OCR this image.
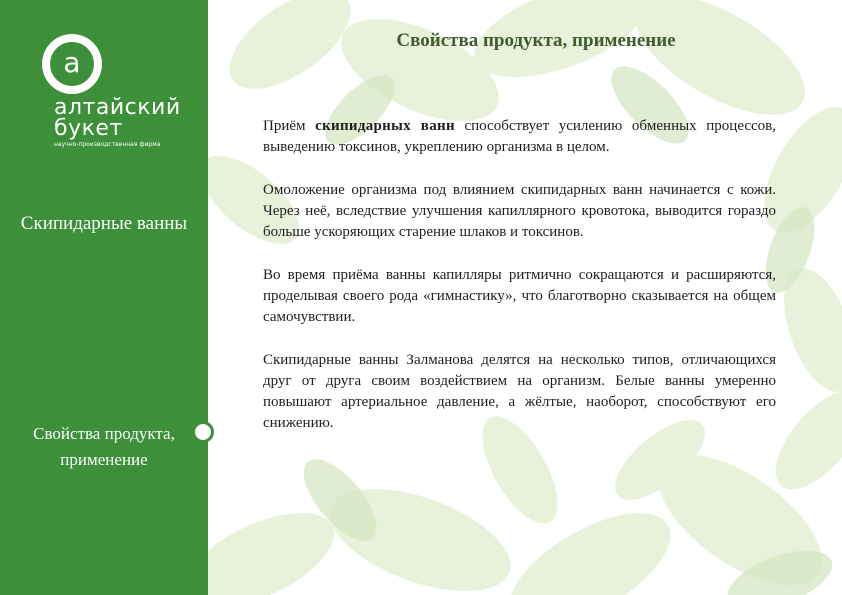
a
алтайский
букет
научно-производственная фирма
Скипидарные ванны
Свойства продукта, применение
Свойства продукта, применение

Приём скипидарных ванн способствует усилению обменных процессов, выведению токсинов, укреплению организма в целом.

Омоложение организма под влиянием скипидарных ванн начинается с кожи. Через неё, вследствие улучшения капиллярного кровотока, выводится гораздо больше ускоряющих старение шлаков и токсинов.

Во время приёма ванны капилляры ритмично сокращаются и расширяются, проделывая своего рода «гимнастику», что благотворно сказывается на общем самочувствии.

Скипидарные ванны Залманова делятся на несколько типов, отличающихся друг от друга своим воздействием на организм. Белые ванны умеренно повышают артериальное давление, а жёлтые, наоборот, способствуют его снижению.
